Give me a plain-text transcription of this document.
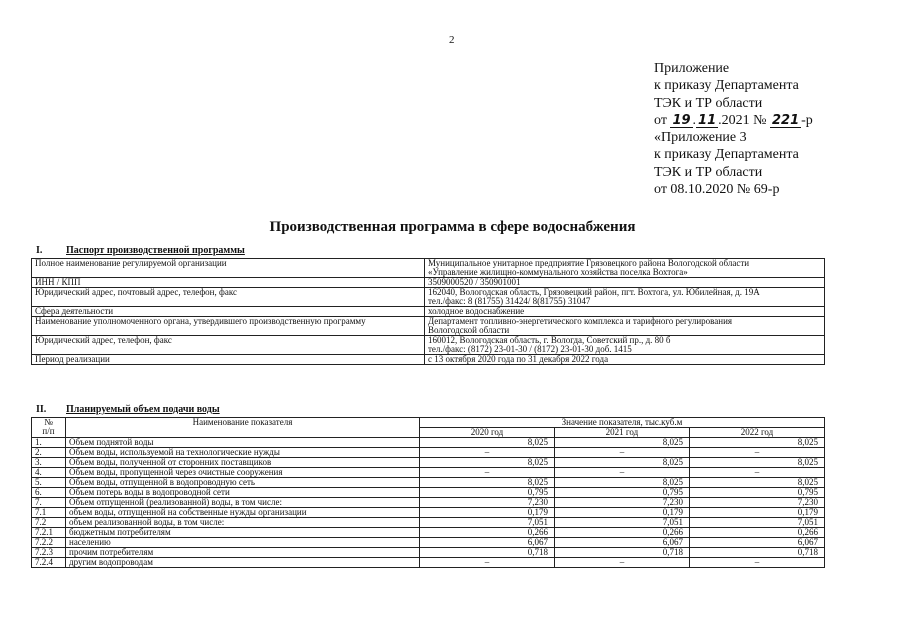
2
Приложение
к приказу Департамента
ТЭК и ТР области
от 19 . 11 .2021 № 221 -р
«Приложение 3
к приказу Департамента
ТЭК и ТР области
от 08.10.2020 № 69-р
Производственная программа в сфере водоснабжения
I. Паспорт производственной программы
Полное наименование регулируемой организации	Муниципальное унитарное предприятие Грязовецкого района Вологодской области
«Управление жилищно-коммунального хозяйства поселка Вохтога»

ИНН / КПП	3509000520 / 350901001

Юридический адрес, почтовый адрес, телефон, факс	162040, Вологодская область, Грязовецкий район, пгт. Вохтога, ул. Юбилейная, д. 19А
тел./факс: 8 (81755) 31424/ 8(81755) 31047

Сфера деятельности	холодное водоснабжение

Наименование уполномоченного органа, утвердившего производственную программу	Департамент топливно-энергетического комплекса и тарифного регулирования
Вологодской области

Юридический адрес, телефон, факс	160012, Вологодская область, г. Вологда, Советский пр., д. 80 б
тел./факс: (8172) 23-01-30 / (8172) 23-01-30 доб. 1415

Период реализации	с 13 октября 2020 года по 31 декабря 2022 года
II. Планируемый объем подачи воды
№
п/п	Наименование показателя	Значение показателя, тыс.куб.м		
		2020 год	2021 год	2022 год
1.	Объем поднятой воды	8,025	8,025	8,025
2.	Объем воды, используемой на технологические нужды	–	–	–
3.	Объем воды, полученной от сторонних поставщиков	8,025	8,025	8,025
4.	Объем воды, пропущенной через очистные сооружения	–	–	–
5.	Объем воды, отпущенной в водопроводную сеть	8,025	8,025	8,025
6.	Объем потерь воды в водопроводной сети	0,795	0,795	0,795
7.	Объем отпущенной (реализованной) воды, в том числе:	7,230	7,230	7,230
7.1	объем воды, отпущенной на собственные нужды организации	0,179	0,179	0,179
7.2	объем реализованной воды, в том числе:	7,051	7,051	7,051
7.2.1	бюджетным потребителям	0,266	0,266	0,266
7.2.2	населению	6,067	6,067	6,067
7.2.3	прочим потребителям	0,718	0,718	0,718
7.2.4	другим водопроводам	–	–	–
